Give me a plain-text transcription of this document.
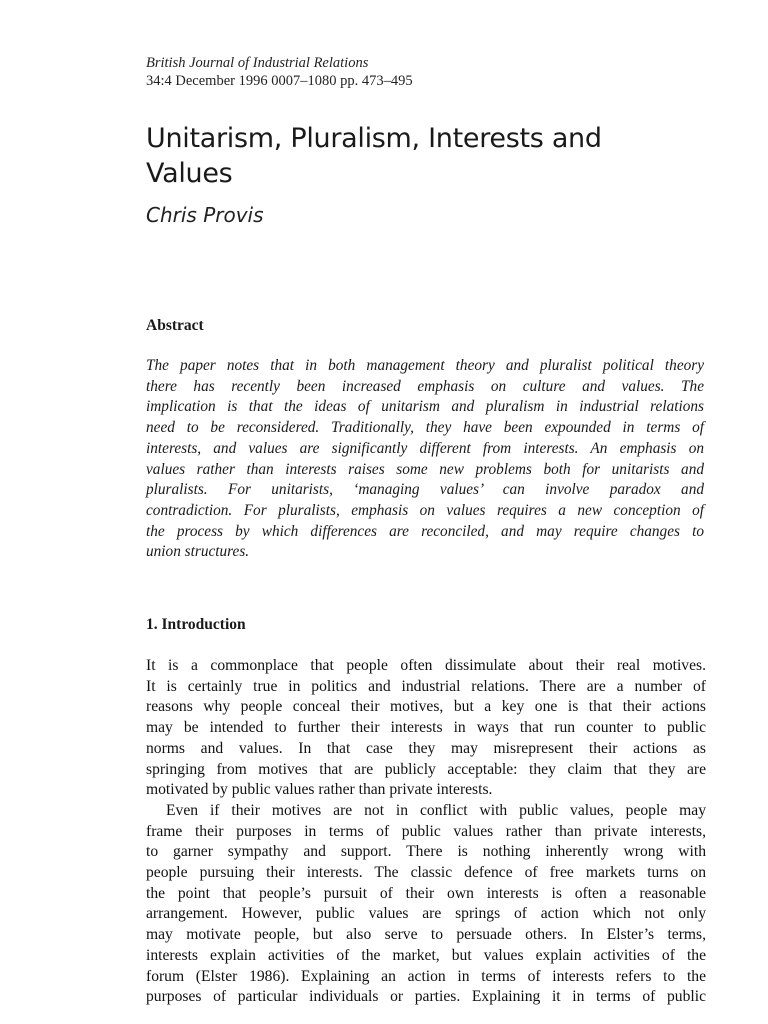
British Journal of Industrial Relations
34:4 December 1996 0007–1080 pp. 473–495
Unitarism, Pluralism, Interests and
Values
Chris Provis
Abstract
The paper notes that in both management theory and pluralist political theory
there has recently been increased emphasis on culture and values. The
implication is that the ideas of unitarism and pluralism in industrial relations
need to be reconsidered. Traditionally, they have been expounded in terms of
interests, and values are significantly different from interests. An emphasis on
values rather than interests raises some new problems both for unitarists and
pluralists. For unitarists, ‘managing values’ can involve paradox and
contradiction. For pluralists, emphasis on values requires a new conception of
the process by which differences are reconciled, and may require changes to
union structures.
1. Introduction
It is a commonplace that people often dissimulate about their real motives.
It is certainly true in politics and industrial relations. There are a number of
reasons why people conceal their motives, but a key one is that their actions
may be intended to further their interests in ways that run counter to public
norms and values. In that case they may misrepresent their actions as
springing from motives that are publicly acceptable: they claim that they are
motivated by public values rather than private interests.
Even if their motives are not in conflict with public values, people may
frame their purposes in terms of public values rather than private interests,
to garner sympathy and support. There is nothing inherently wrong with
people pursuing their interests. The classic defence of free markets turns on
the point that people’s pursuit of their own interests is often a reasonable
arrangement. However, public values are springs of action which not only
may motivate people, but also serve to persuade others. In Elster’s terms,
interests explain activities of the market, but values explain activities of the
forum (Elster 1986). Explaining an action in terms of interests refers to the
purposes of particular individuals or parties. Explaining it in terms of public
